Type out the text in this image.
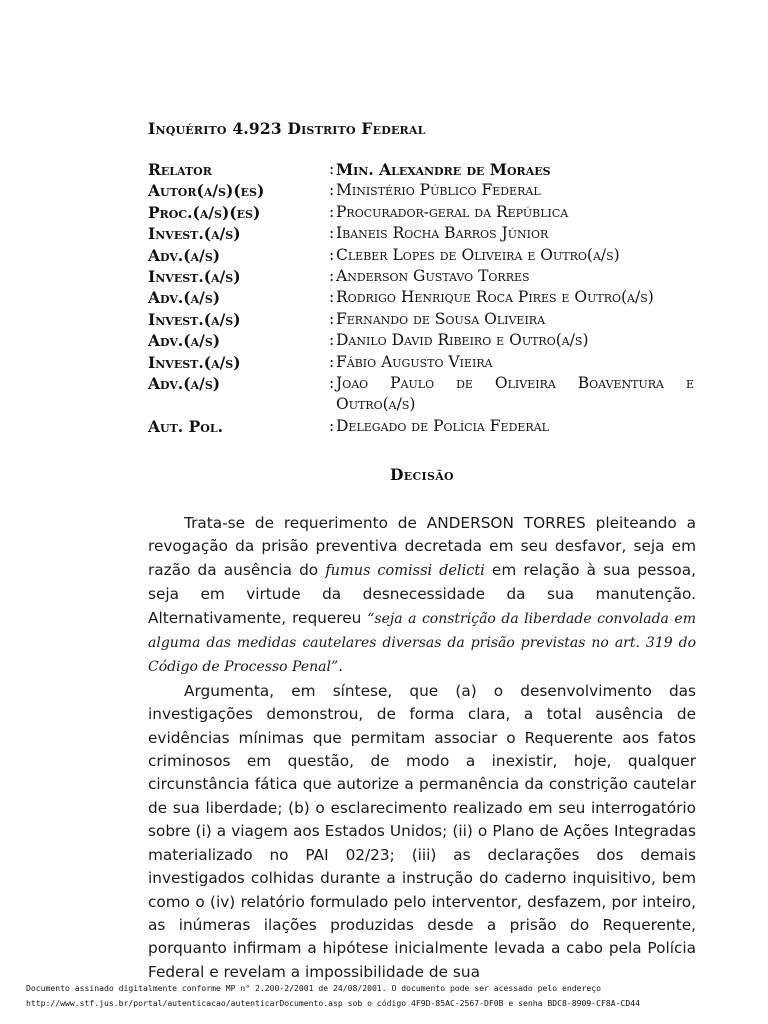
Inquérito 4.923 Distrito Federal
Relator	: Min. Alexandre de Moraes
Autor(a/s)(es)	: Ministério Público Federal
Proc.(a/s)(es)	: Procurador-geral da República
Invest.(a/s)	: Ibaneis Rocha Barros Júnior
Adv.(a/s)	: Cleber Lopes de Oliveira e Outro(a/s)
Invest.(a/s)	: Anderson Gustavo Torres
Adv.(a/s)	: Rodrigo Henrique Roca Pires e Outro(a/s)
Invest.(a/s)	: Fernando de Sousa Oliveira
Adv.(a/s)	: Danilo David Ribeiro e Outro(a/s)
Invest.(a/s)	: Fábio Augusto Vieira
Adv.(a/s)	: Joao Paulo de Oliveira Boaventura e
Outro(a/s)
Aut. Pol.	: Delegado de Polícia Federal
Decisão

Trata-se de requerimento de ANDERSON TORRES pleiteando a revogação da prisão preventiva decretada em seu desfavor, seja em razão da ausência do fumus comissi delicti em relação à sua pessoa, seja em virtude da desnecessidade da sua manutenção. Alternativamente, requereu “seja a constrição da liberdade convolada em alguma das medidas cautelares diversas da prisão previstas no art. 319 do Código de Processo Penal”.

Argumenta, em síntese, que (a) o desenvolvimento das investigações demonstrou, de forma clara, a total ausência de evidências mínimas que permitam associar o Requerente aos fatos criminosos em questão, de modo a inexistir, hoje, qualquer circunstância fática que autorize a permanência da constrição cautelar de sua liberdade; (b) o esclarecimento realizado em seu interrogatório sobre (i) a viagem aos Estados Unidos; (ii) o Plano de Ações Integradas materializado no PAI 02/23; (iii) as declarações dos demais investigados colhidas durante a instrução do caderno inquisitivo, bem como o (iv) relatório formulado pelo interventor, desfazem, por inteiro, as inúmeras ilações produzidas desde a prisão do Requerente, porquanto infirmam a hipótese inicialmente levada a cabo pela Polícia Federal e revelam a impossibilidade de sua

Documento assinado digitalmente conforme MP n° 2.200-2/2001 de 24/08/2001. O documento pode ser acessado pelo endereço
http://www.stf.jus.br/portal/autenticacao/autenticarDocumento.asp sob o código 4F9D-85AC-2567-DF0B e senha BDC8-8909-CF8A-CD44
